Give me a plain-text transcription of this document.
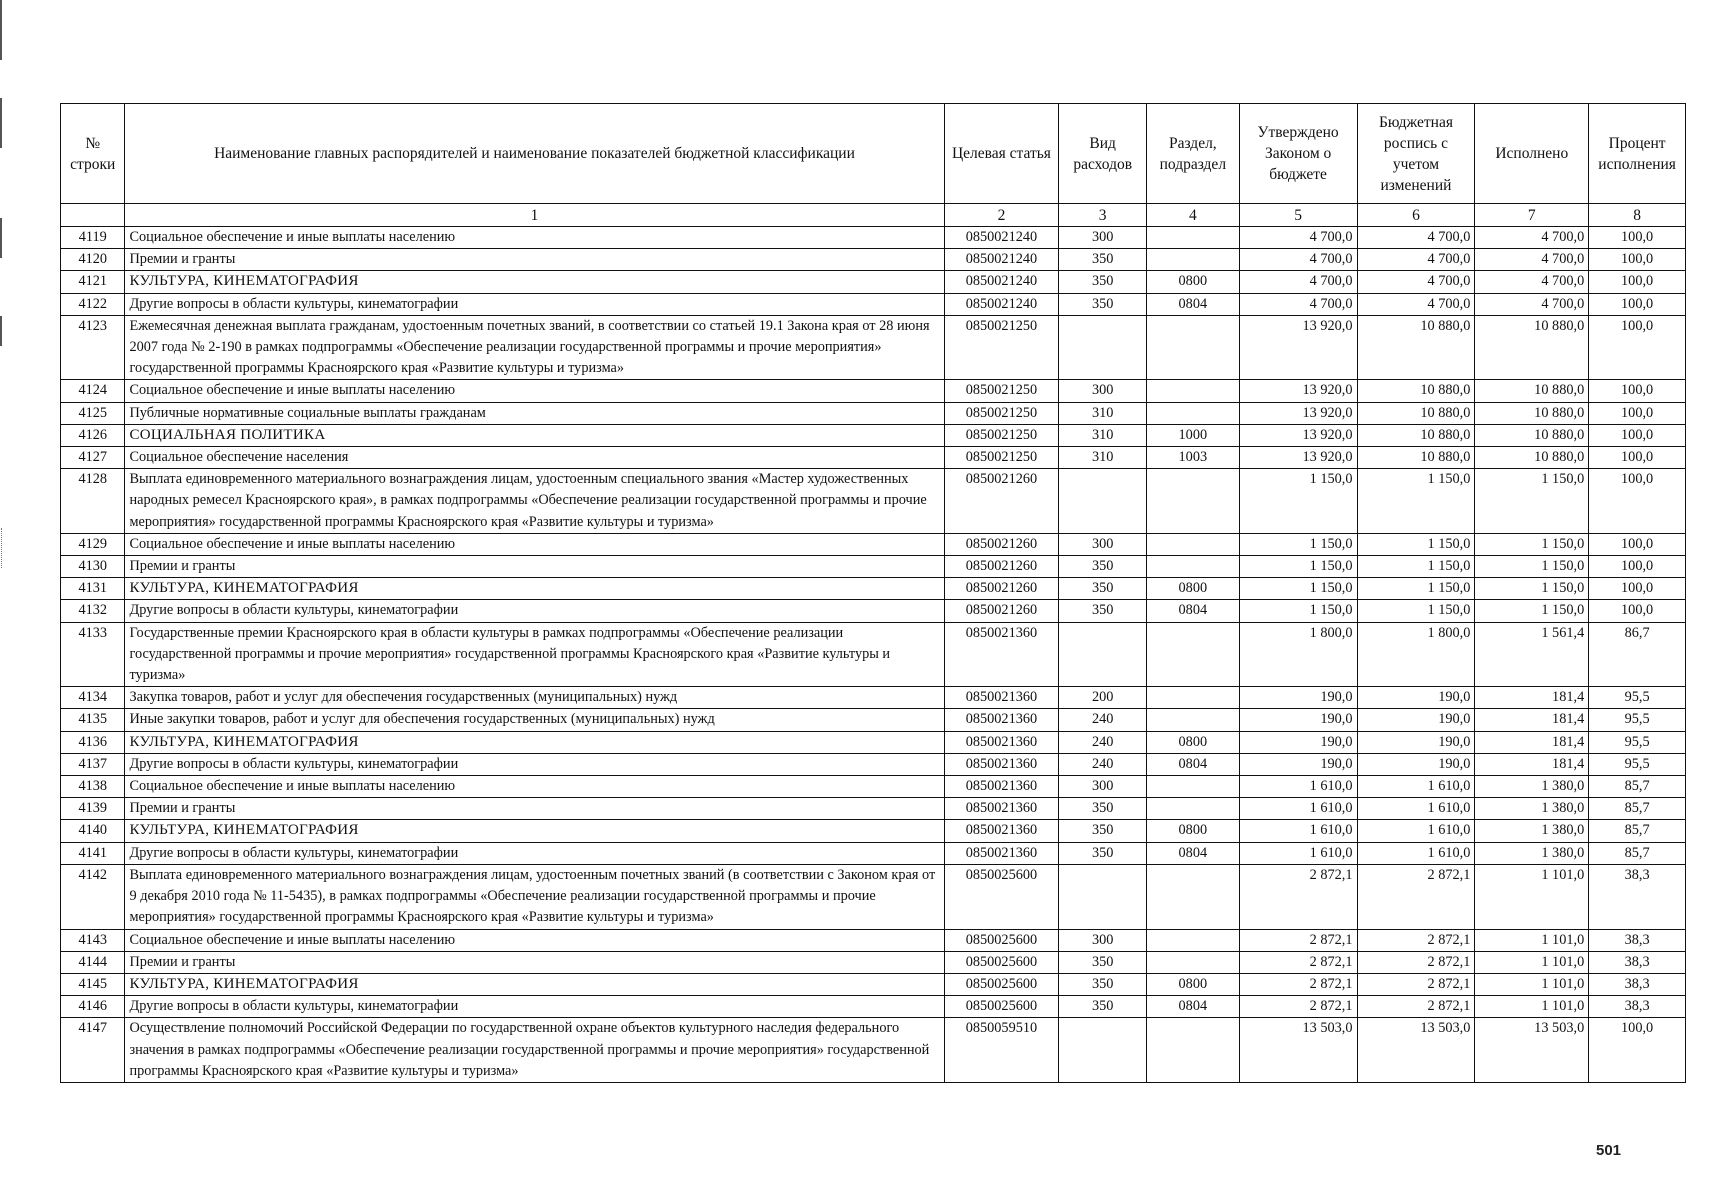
№ строки	Наименование главных распорядителей и наименование показателей бюджетной классификации	Целевая статья	Вид расходов	Раздел, подраздел	Утверждено Законом о бюджете	Бюджетная роспись с учетом изменений	Исполнено	Процент исполнения
	1	2	3	4	5	6	7	8
4119	Социальное обеспечение и иные выплаты населению	0850021240	300		4 700,0	4 700,0	4 700,0	100,0
4120	Премии и гранты	0850021240	350		4 700,0	4 700,0	4 700,0	100,0
4121	КУЛЬТУРА, КИНЕМАТОГРАФИЯ	0850021240	350	0800	4 700,0	4 700,0	4 700,0	100,0
4122	Другие вопросы в области культуры, кинематографии	0850021240	350	0804	4 700,0	4 700,0	4 700,0	100,0
4123	Ежемесячная денежная выплата гражданам, удостоенным почетных званий, в соответствии со статьей 19.1 Закона края от 28 июня 2007 года № 2-190 в рамках подпрограммы «Обеспечение реализации государственной программы и прочие мероприятия» государственной программы Красноярского края «Развитие культуры и туризма»	0850021250			13 920,0	10 880,0	10 880,0	100,0
4124	Социальное обеспечение и иные выплаты населению	0850021250	300		13 920,0	10 880,0	10 880,0	100,0
4125	Публичные нормативные социальные выплаты гражданам	0850021250	310		13 920,0	10 880,0	10 880,0	100,0
4126	СОЦИАЛЬНАЯ ПОЛИТИКА	0850021250	310	1000	13 920,0	10 880,0	10 880,0	100,0
4127	Социальное обеспечение населения	0850021250	310	1003	13 920,0	10 880,0	10 880,0	100,0
4128	Выплата единовременного материального вознаграждения лицам, удостоенным специального звания «Мастер художественных народных ремесел Красноярского края», в рамках подпрограммы «Обеспечение реализации государственной программы и прочие мероприятия» государственной программы Красноярского края «Развитие культуры и туризма»	0850021260			1 150,0	1 150,0	1 150,0	100,0
4129	Социальное обеспечение и иные выплаты населению	0850021260	300		1 150,0	1 150,0	1 150,0	100,0
4130	Премии и гранты	0850021260	350		1 150,0	1 150,0	1 150,0	100,0
4131	КУЛЬТУРА, КИНЕМАТОГРАФИЯ	0850021260	350	0800	1 150,0	1 150,0	1 150,0	100,0
4132	Другие вопросы в области культуры, кинематографии	0850021260	350	0804	1 150,0	1 150,0	1 150,0	100,0
4133	Государственные премии Красноярского края в области культуры в рамках подпрограммы «Обеспечение реализации государственной программы и прочие мероприятия» государственной программы Красноярского края «Развитие культуры и туризма»	0850021360			1 800,0	1 800,0	1 561,4	86,7
4134	Закупка товаров, работ и услуг для обеспечения государственных (муниципальных) нужд	0850021360	200		190,0	190,0	181,4	95,5
4135	Иные закупки товаров, работ и услуг для обеспечения государственных (муниципальных) нужд	0850021360	240		190,0	190,0	181,4	95,5
4136	КУЛЬТУРА, КИНЕМАТОГРАФИЯ	0850021360	240	0800	190,0	190,0	181,4	95,5
4137	Другие вопросы в области культуры, кинематографии	0850021360	240	0804	190,0	190,0	181,4	95,5
4138	Социальное обеспечение и иные выплаты населению	0850021360	300		1 610,0	1 610,0	1 380,0	85,7
4139	Премии и гранты	0850021360	350		1 610,0	1 610,0	1 380,0	85,7
4140	КУЛЬТУРА, КИНЕМАТОГРАФИЯ	0850021360	350	0800	1 610,0	1 610,0	1 380,0	85,7
4141	Другие вопросы в области культуры, кинематографии	0850021360	350	0804	1 610,0	1 610,0	1 380,0	85,7
4142	Выплата единовременного материального вознаграждения лицам, удостоенным почетных званий (в соответствии с Законом края от 9 декабря 2010 года № 11-5435), в рамках подпрограммы «Обеспечение реализации государственной программы и прочие мероприятия» государственной программы Красноярского края «Развитие культуры и туризма»	0850025600			2 872,1	2 872,1	1 101,0	38,3
4143	Социальное обеспечение и иные выплаты населению	0850025600	300		2 872,1	2 872,1	1 101,0	38,3
4144	Премии и гранты	0850025600	350		2 872,1	2 872,1	1 101,0	38,3
4145	КУЛЬТУРА, КИНЕМАТОГРАФИЯ	0850025600	350	0800	2 872,1	2 872,1	1 101,0	38,3
4146	Другие вопросы в области культуры, кинематографии	0850025600	350	0804	2 872,1	2 872,1	1 101,0	38,3
4147	Осуществление полномочий Российской Федерации по государственной охране объектов культурного наследия федерального значения в рамках подпрограммы «Обеспечение реализации государственной программы и прочие мероприятия» государственной программы Красноярского края «Развитие культуры и туризма»	0850059510			13 503,0	13 503,0	13 503,0	100,0
501
